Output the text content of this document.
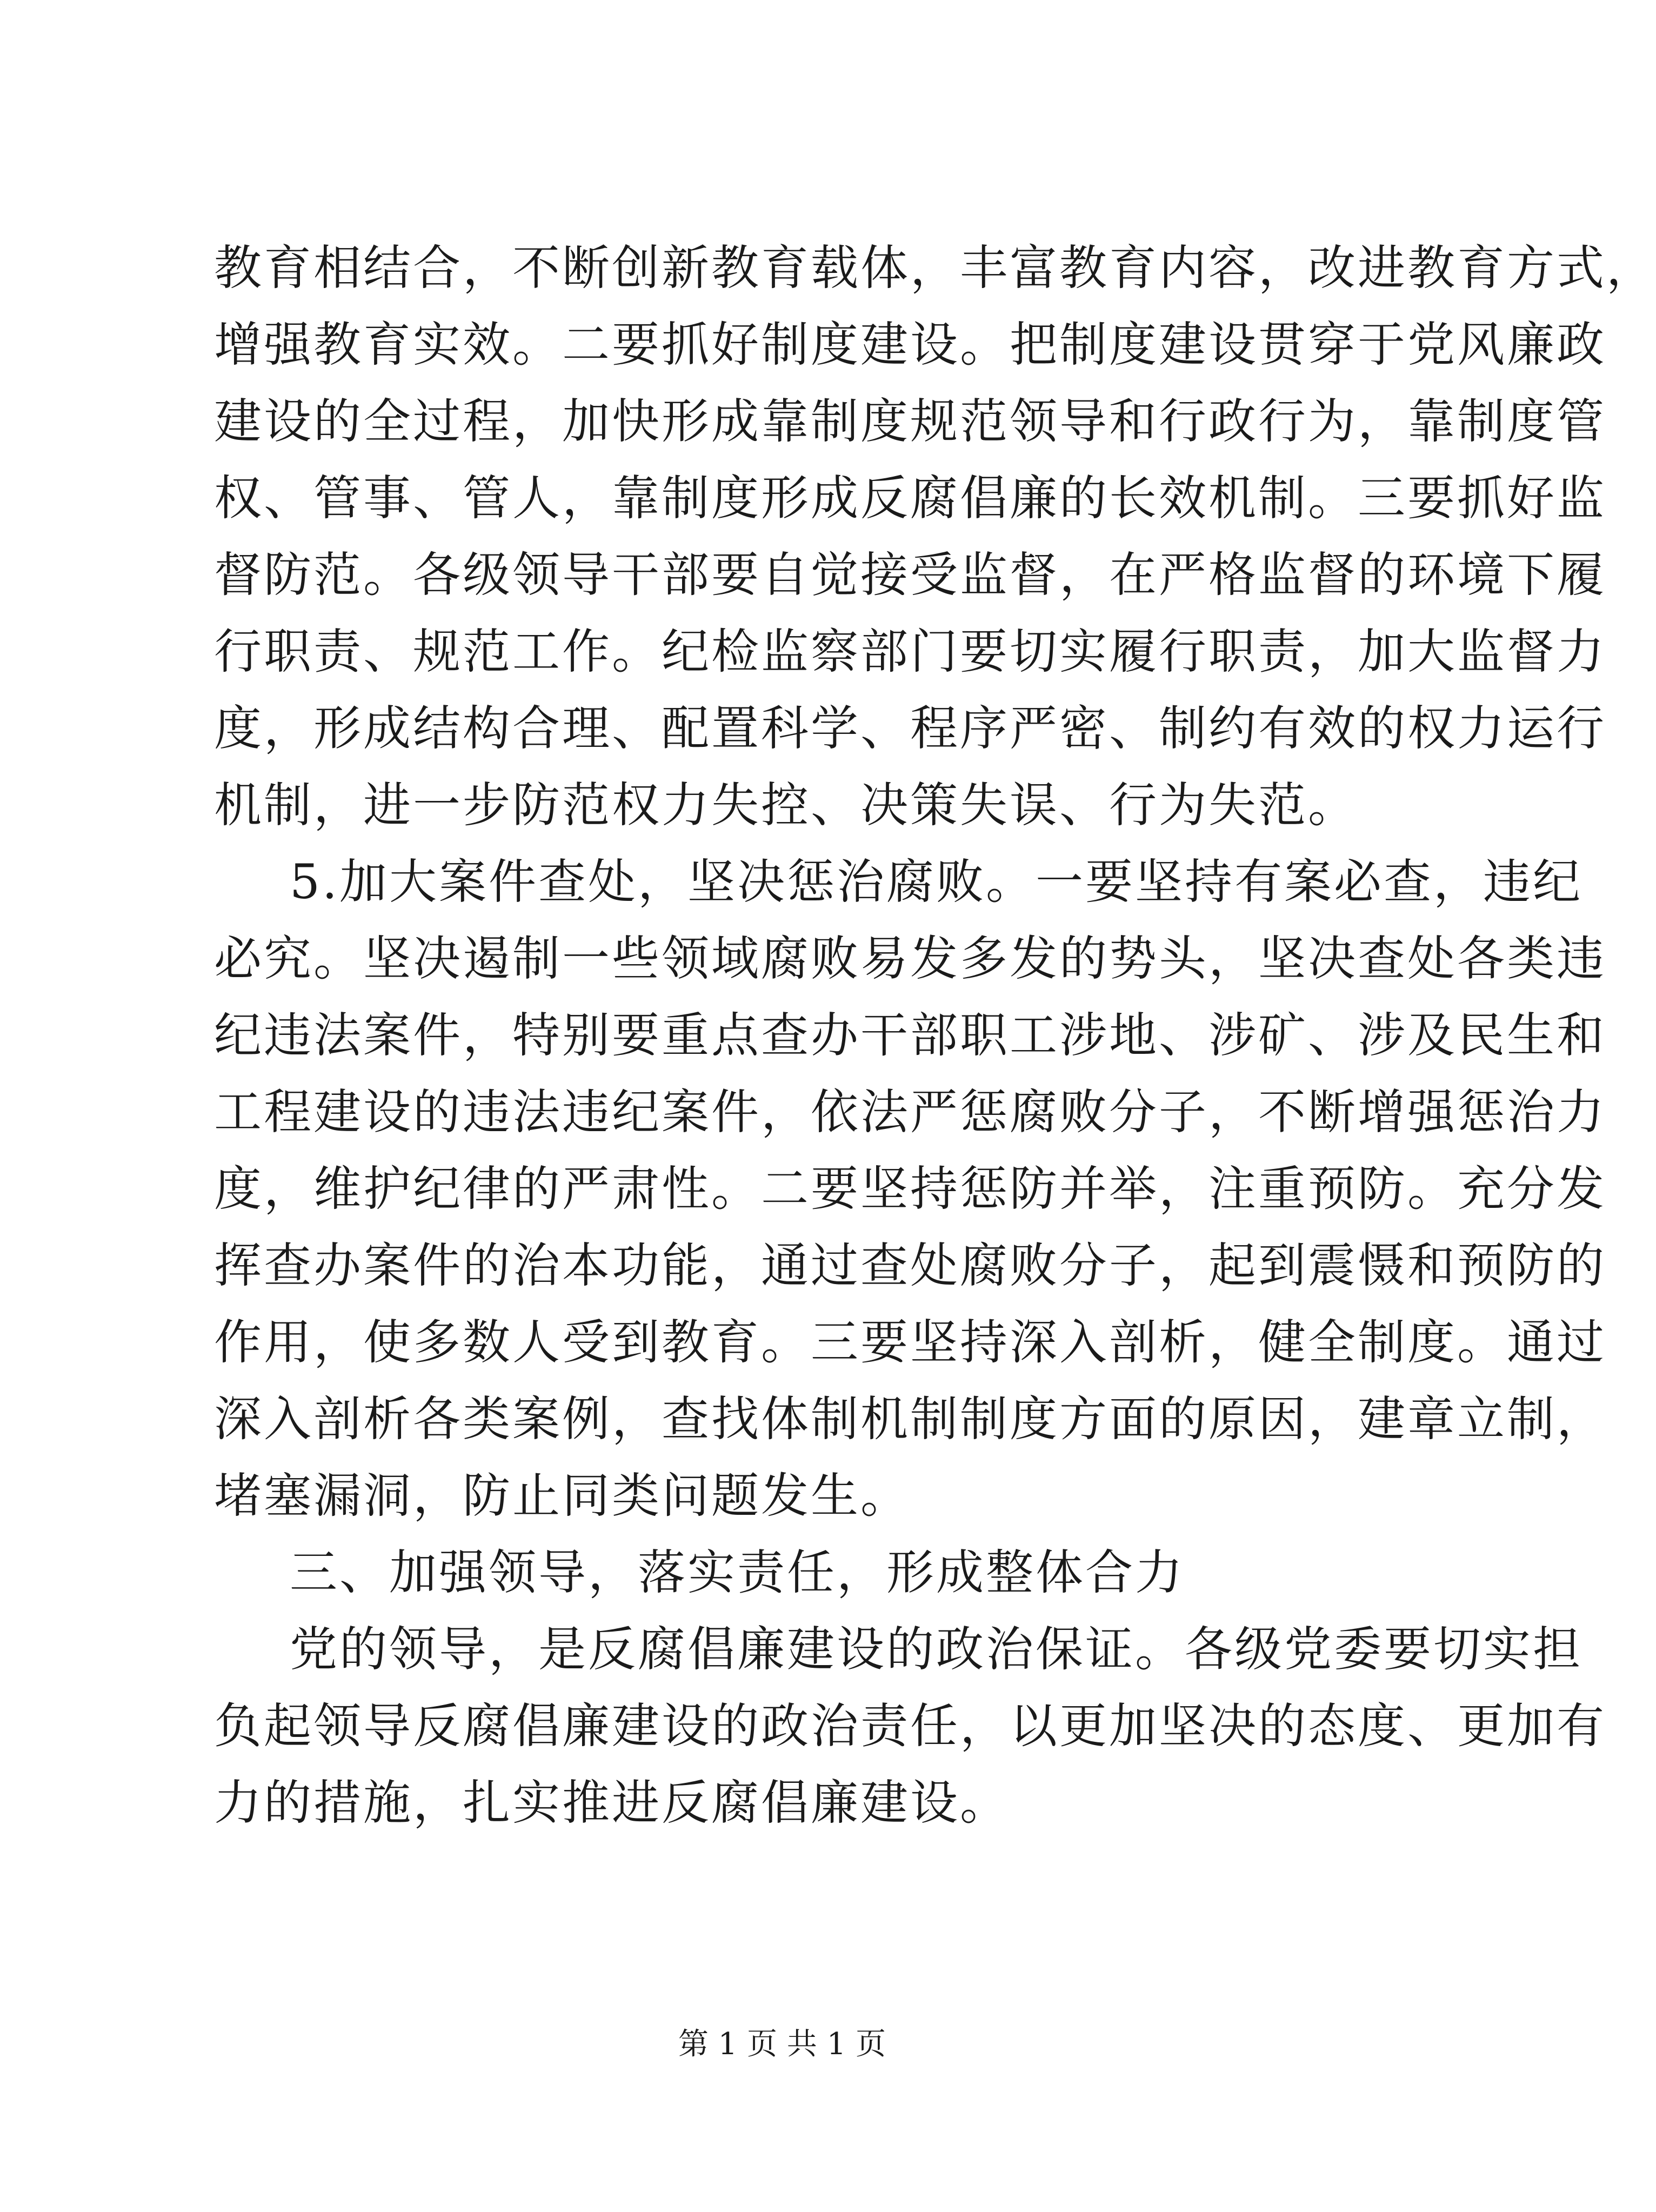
教育相结合，不断创新教育载体，丰富教育内容，改进教育方式，
增强教育实效。二要抓好制度建设。把制度建设贯穿于党风廉政
建设的全过程，加快形成靠制度规范领导和行政行为，靠制度管
权、管事、管人，靠制度形成反腐倡廉的长效机制。三要抓好监
督防范。各级领导干部要自觉接受监督，在严格监督的环境下履
行职责、规范工作。纪检监察部门要切实履行职责，加大监督力
度，形成结构合理、配置科学、程序严密、制约有效的权力运行
机制，进一步防范权力失控、决策失误、行为失范。
5.加大案件查处，坚决惩治腐败。一要坚持有案必查，违纪
必究。坚决遏制一些领域腐败易发多发的势头，坚决查处各类违
纪违法案件，特别要重点查办干部职工涉地、涉矿、涉及民生和
工程建设的违法违纪案件，依法严惩腐败分子，不断增强惩治力
度，维护纪律的严肃性。二要坚持惩防并举，注重预防。充分发
挥查办案件的治本功能，通过查处腐败分子，起到震慑和预防的
作用，使多数人受到教育。三要坚持深入剖析，健全制度。通过
深入剖析各类案例，查找体制机制制度方面的原因，建章立制，
堵塞漏洞，防止同类问题发生。
三、加强领导，落实责任，形成整体合力
党的领导，是反腐倡廉建设的政治保证。各级党委要切实担
负起领导反腐倡廉建设的政治责任，以更加坚决的态度、更加有
力的措施，扎实推进反腐倡廉建设。
第 1 页 共 1 页
